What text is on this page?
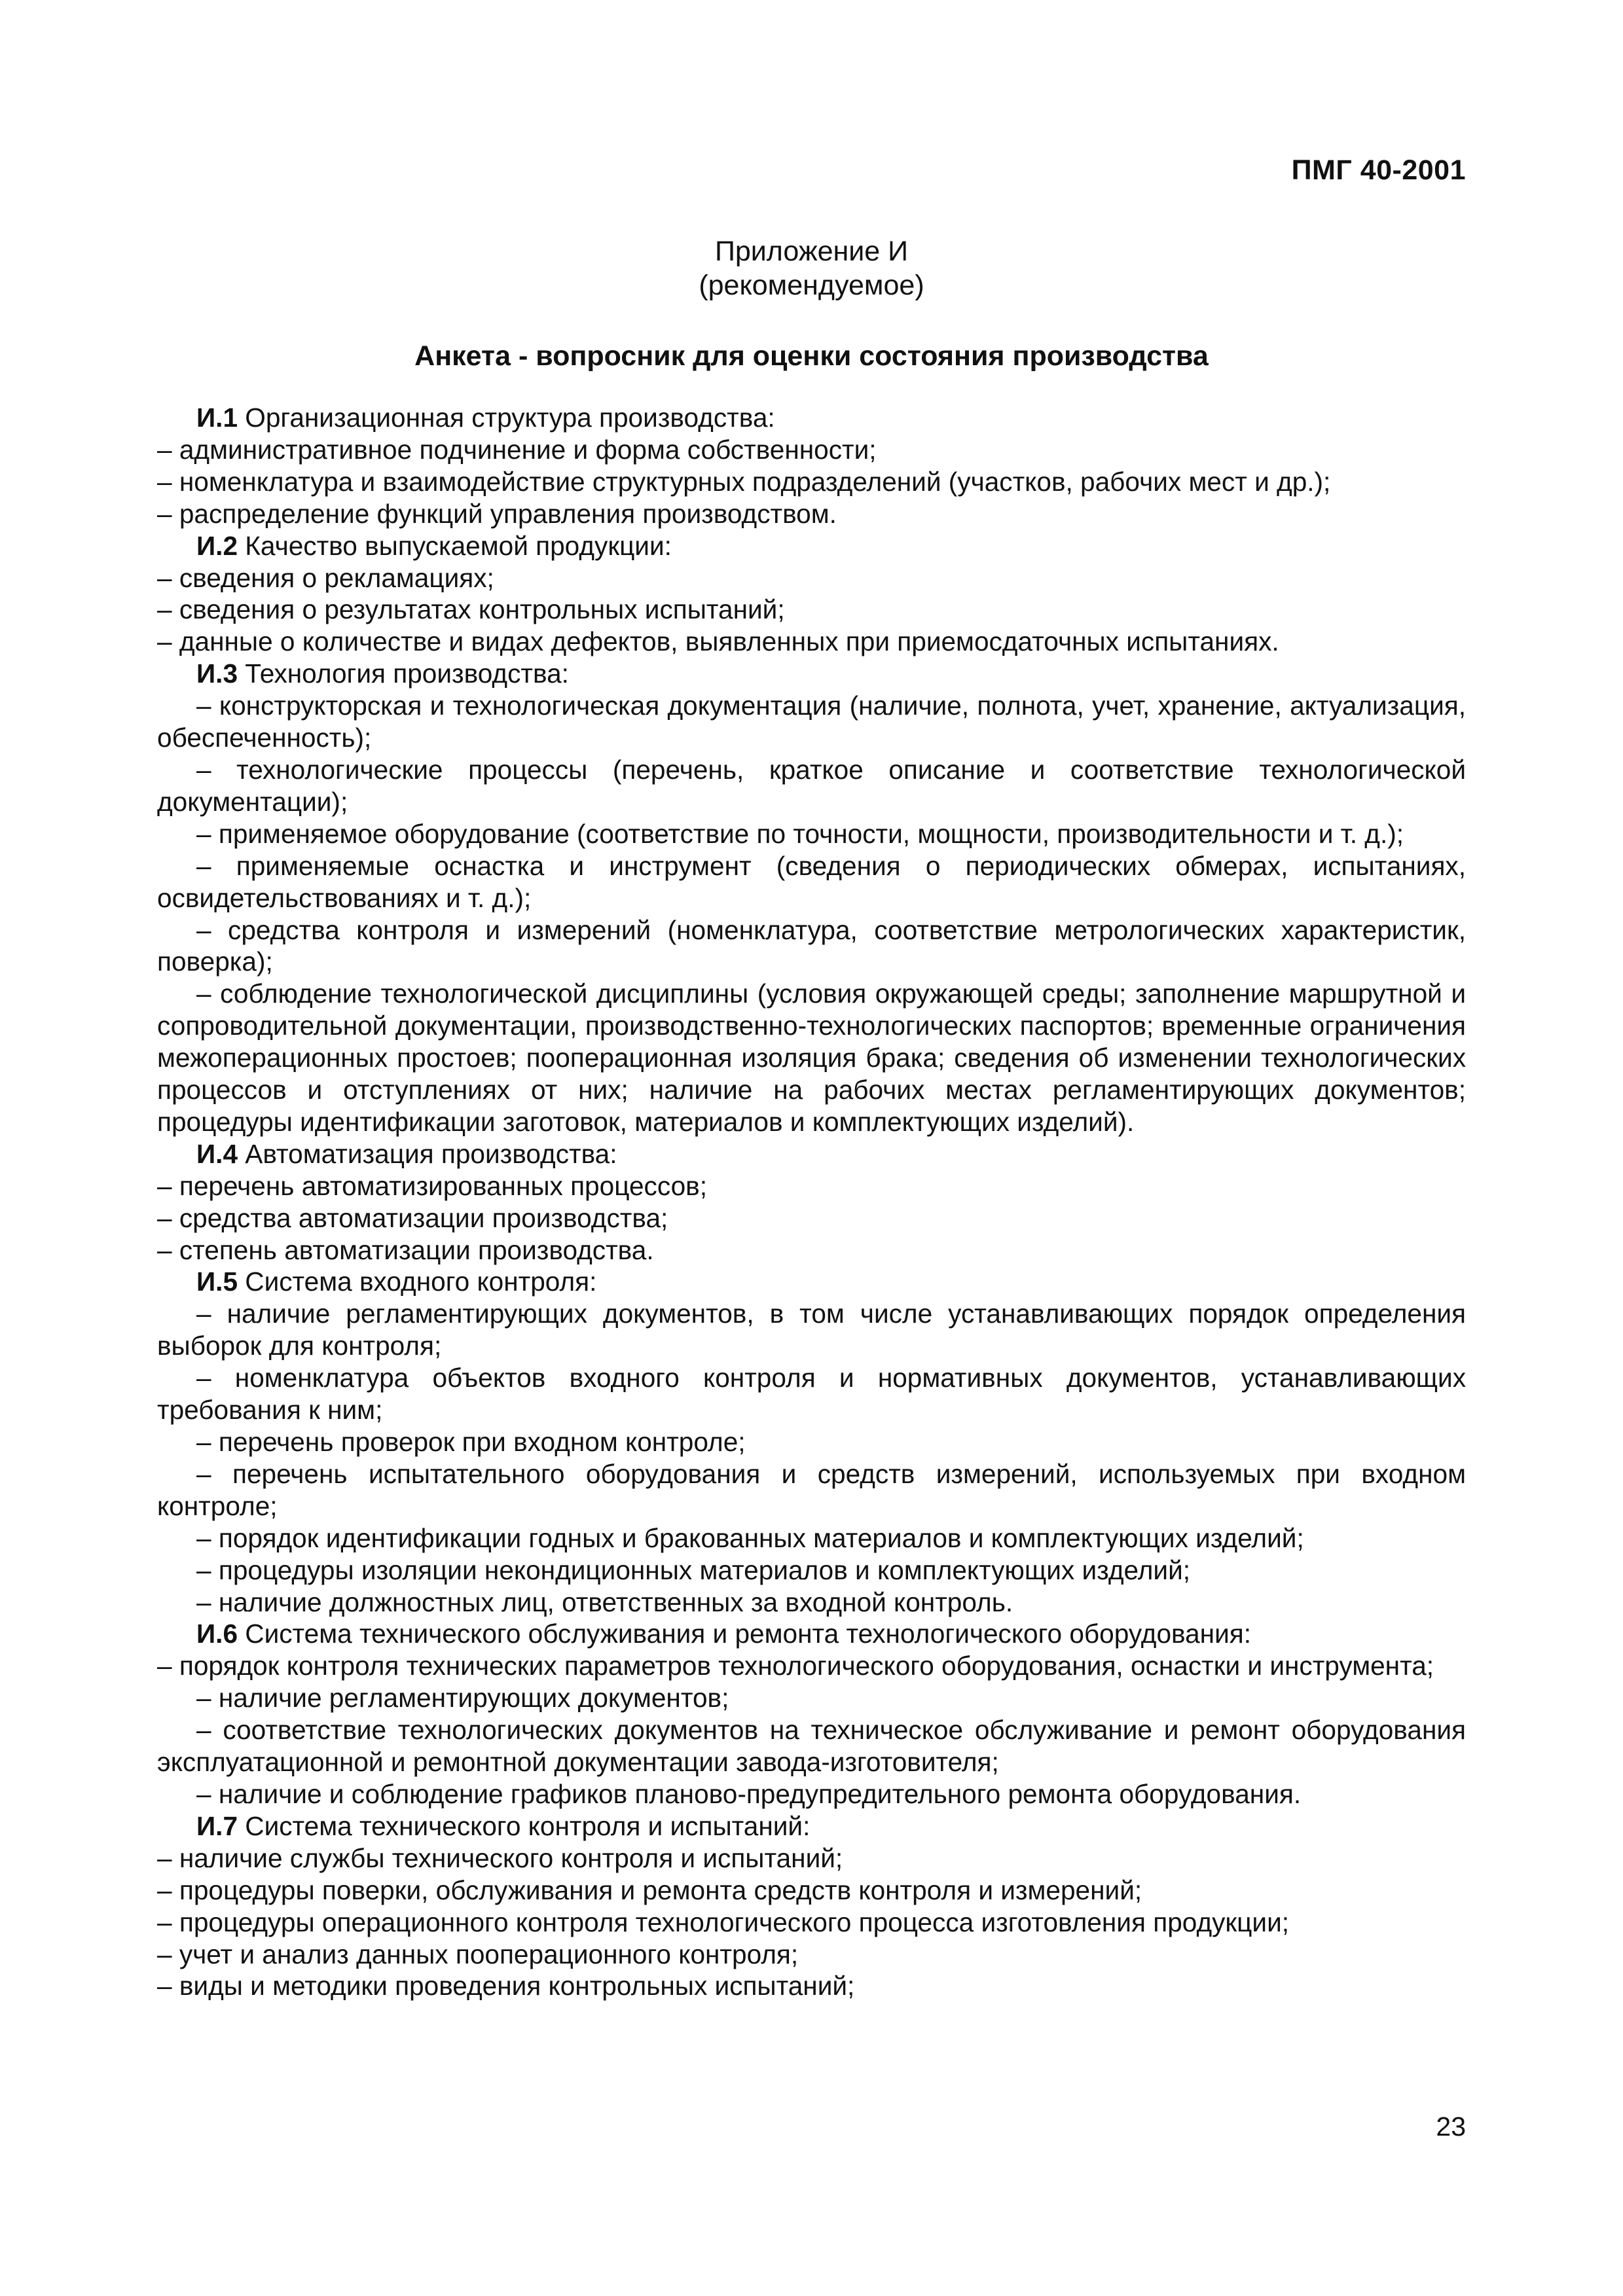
ПМГ 40-2001
Приложение И
(рекомендуемое)
Анкета - вопросник для оценки состояния производства

И.1 Организационная структура производства:

– административное подчинение и форма собственности;

– номенклатура и взаимодействие структурных подразделений (участков, рабочих мест и др.);

– распределение функций управления производством.

И.2 Качество выпускаемой продукции:

– сведения о рекламациях;

– сведения о результатах контрольных испытаний;

– данные о количестве и видах дефектов, выявленных при приемосдаточных испытаниях.

И.3 Технология производства:

– конструкторская и технологическая документация (наличие, полнота, учет, хранение, актуализация, обеспеченность);

– технологические процессы (перечень, краткое описание и соответствие технологической документации);

– применяемое оборудование (соответствие по точности, мощности, производительности и т. д.);

– применяемые оснастка и инструмент (сведения о периодических обмерах, испытаниях, освидетельствованиях и т. д.);

– средства контроля и измерений (номенклатура, соответствие метрологических характеристик, поверка);

– соблюдение технологической дисциплины (условия окружающей среды; заполнение маршрутной и сопроводительной документации, производственно-технологических паспортов; временные ограничения межоперационных простоев; пооперационная изоляция брака; сведения об изменении технологических процессов и отступлениях от них; наличие на рабочих местах регламентирующих документов; процедуры идентификации заготовок, материалов и комплектующих изделий).

И.4 Автоматизация производства:

– перечень автоматизированных процессов;

– средства автоматизации производства;

– степень автоматизации производства.

И.5 Система входного контроля:

– наличие регламентирующих документов, в том числе устанавливающих порядок определения выборок для контроля;

– номенклатура объектов входного контроля и нормативных документов, устанавливающих требования к ним;

– перечень проверок при входном контроле;

– перечень испытательного оборудования и средств измерений, используемых при входном контроле;

– порядок идентификации годных и бракованных материалов и комплектующих изделий;

– процедуры изоляции некондиционных материалов и комплектующих изделий;

– наличие должностных лиц, ответственных за входной контроль.

И.6 Система технического обслуживания и ремонта технологического оборудования:

– порядок контроля технических параметров технологического оборудования, оснастки и инструмента;

– наличие регламентирующих документов;

– соответствие технологических документов на техническое обслуживание и ремонт оборудования эксплуатационной и ремонтной документации завода-изготовителя;

– наличие и соблюдение графиков планово-предупредительного ремонта оборудования.

И.7 Система технического контроля и испытаний:

– наличие службы технического контроля и испытаний;

– процедуры поверки, обслуживания и ремонта средств контроля и измерений;

– процедуры операционного контроля технологического процесса изготовления продукции;

– учет и анализ данных пооперационного контроля;

– виды и методики проведения контрольных испытаний;

23
